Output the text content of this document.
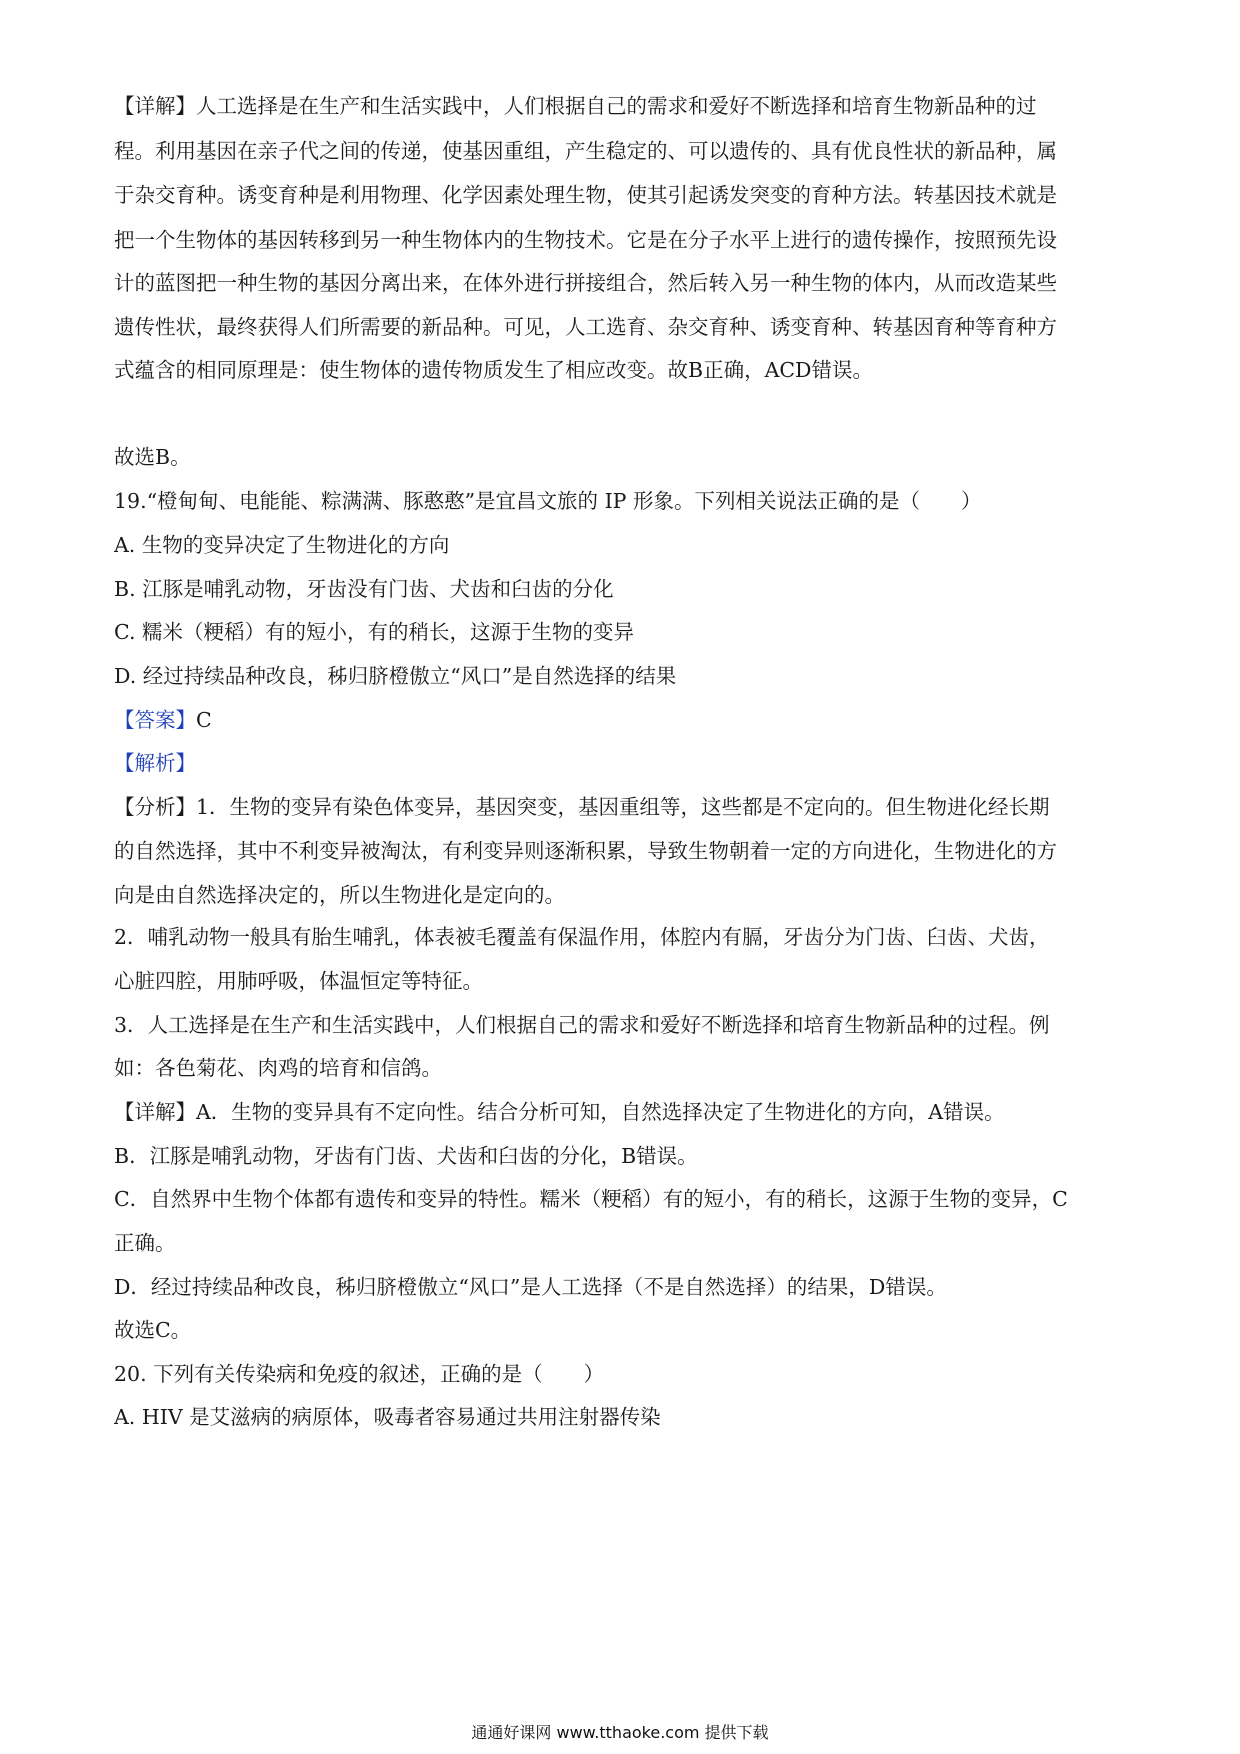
【详解】人工选择是在生产和生活实践中，人们根据自己的需求和爱好不断选择和培育生物新品种的过
程。利用基因在亲子代之间的传递，使基因重组，产生稳定的、可以遗传的、具有优良性状的新品种，属
于杂交育种。诱变育种是利用物理、化学因素处理生物，使其引起诱发突变的育种方法。转基因技术就是
把一个生物体的基因转移到另一种生物体内的生物技术。它是在分子水平上进行的遗传操作，按照预先设
计的蓝图把一种生物的基因分离出来，在体外进行拼接组合，然后转入另一种生物的体内，从而改造某些
遗传性状，最终获得人们所需要的新品种。可见，人工选育、杂交育种、诱变育种、转基因育种等育种方
式蕴含的相同原理是：使生物体的遗传物质发生了相应改变。故B正确，ACD错误。
故选B。
19.“橙甸甸、电能能、粽满满、豚憨憨”是宜昌文旅的 IP 形象。下列相关说法正确的是（　　）
A. 生物的变异决定了生物进化的方向
B. 江豚是哺乳动物，牙齿没有门齿、犬齿和臼齿的分化
C. 糯米（粳稻）有的短小，有的稍长，这源于生物的变异
D. 经过持续品种改良，秭归脐橙傲立“风口”是自然选择的结果
【答案】C
【解析】
【分析】1．生物的变异有染色体变异，基因突变，基因重组等，这些都是不定向的。但生物进化经长期
的自然选择，其中不利变异被淘汰，有利变异则逐渐积累，导致生物朝着一定的方向进化，生物进化的方
向是由自然选择决定的，所以生物进化是定向的。
2．哺乳动物一般具有胎生哺乳，体表被毛覆盖有保温作用，体腔内有膈，牙齿分为门齿、臼齿、犬齿，
心脏四腔，用肺呼吸，体温恒定等特征。
3．人工选择是在生产和生活实践中，人们根据自己的需求和爱好不断选择和培育生物新品种的过程。例
如：各色菊花、肉鸡的培育和信鸽。
【详解】A．生物的变异具有不定向性。结合分析可知，自然选择决定了生物进化的方向，A错误。
B．江豚是哺乳动物，牙齿有门齿、犬齿和臼齿的分化，B错误。
C．自然界中生物个体都有遗传和变异的特性。糯米（粳稻）有的短小，有的稍长，这源于生物的变异，C
正确。
D．经过持续品种改良，秭归脐橙傲立“风口”是人工选择（不是自然选择）的结果，D错误。
故选C。
20. 下列有关传染病和免疫的叙述，正确的是（　　）
A. HIV 是艾滋病的病原体，吸毒者容易通过共用注射器传染
通通好课网 www.tthaoke.com 提供下载
